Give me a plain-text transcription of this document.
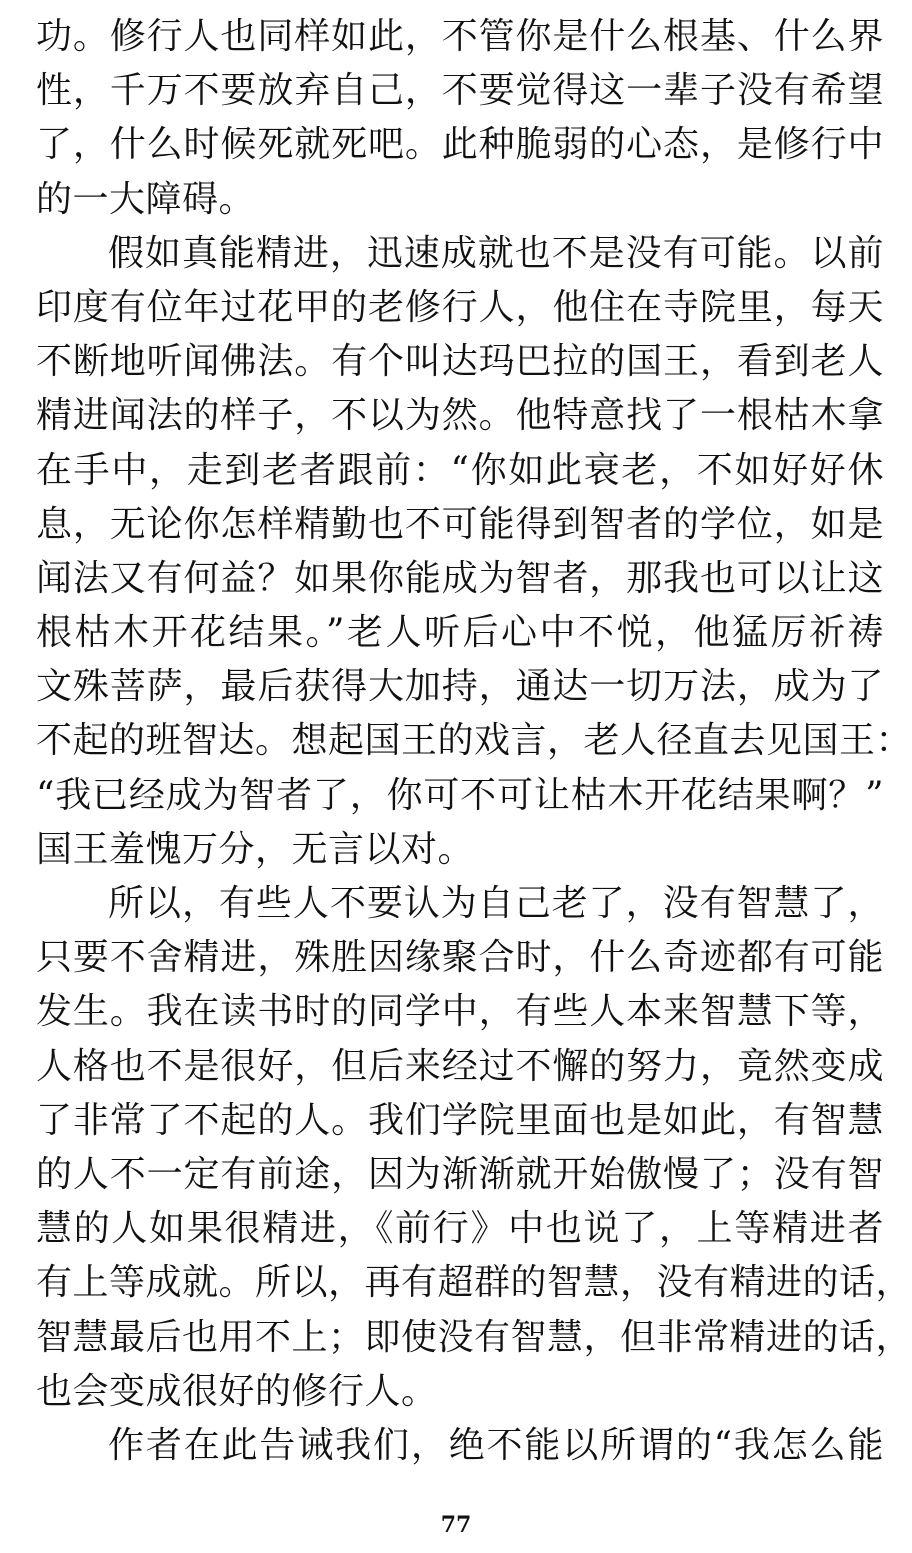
功。修行人也同样如此，不管你是什么根基、什么界
性，千万不要放弃自己，不要觉得这一辈子没有希望
了，什么时候死就死吧。此种脆弱的心态，是修行中
的一大障碍。
假如真能精进，迅速成就也不是没有可能。以前
印度有位年过花甲的老修行人，他住在寺院里，每天
不断地听闻佛法。有个叫达玛巴拉的国王，看到老人
精进闻法的样子，不以为然。他特意找了一根枯木拿
在手中，走到老者跟前：“你如此衰老，不如好好休
息，无论你怎样精勤也不可能得到智者的学位，如是
闻法又有何益？如果你能成为智者，那我也可以让这
根枯木开花结果。”老人听后心中不悦，他猛厉祈祷
文殊菩萨，最后获得大加持，通达一切万法，成为了
不起的班智达。想起国王的戏言，老人径直去见国王：
“我已经成为智者了，你可不可让枯木开花结果啊？”
国王羞愧万分，无言以对。
所以，有些人不要认为自己老了，没有智慧了，
只要不舍精进，殊胜因缘聚合时，什么奇迹都有可能
发生。我在读书时的同学中，有些人本来智慧下等，
人格也不是很好，但后来经过不懈的努力，竟然变成
了非常了不起的人。我们学院里面也是如此，有智慧
的人不一定有前途，因为渐渐就开始傲慢了；没有智
慧的人如果很精进，《前行》中也说了，上等精进者
有上等成就。所以，再有超群的智慧，没有精进的话，
智慧最后也用不上；即使没有智慧，但非常精进的话，
也会变成很好的修行人。
作者在此告诫我们，绝不能以所谓的“我怎么能
77
